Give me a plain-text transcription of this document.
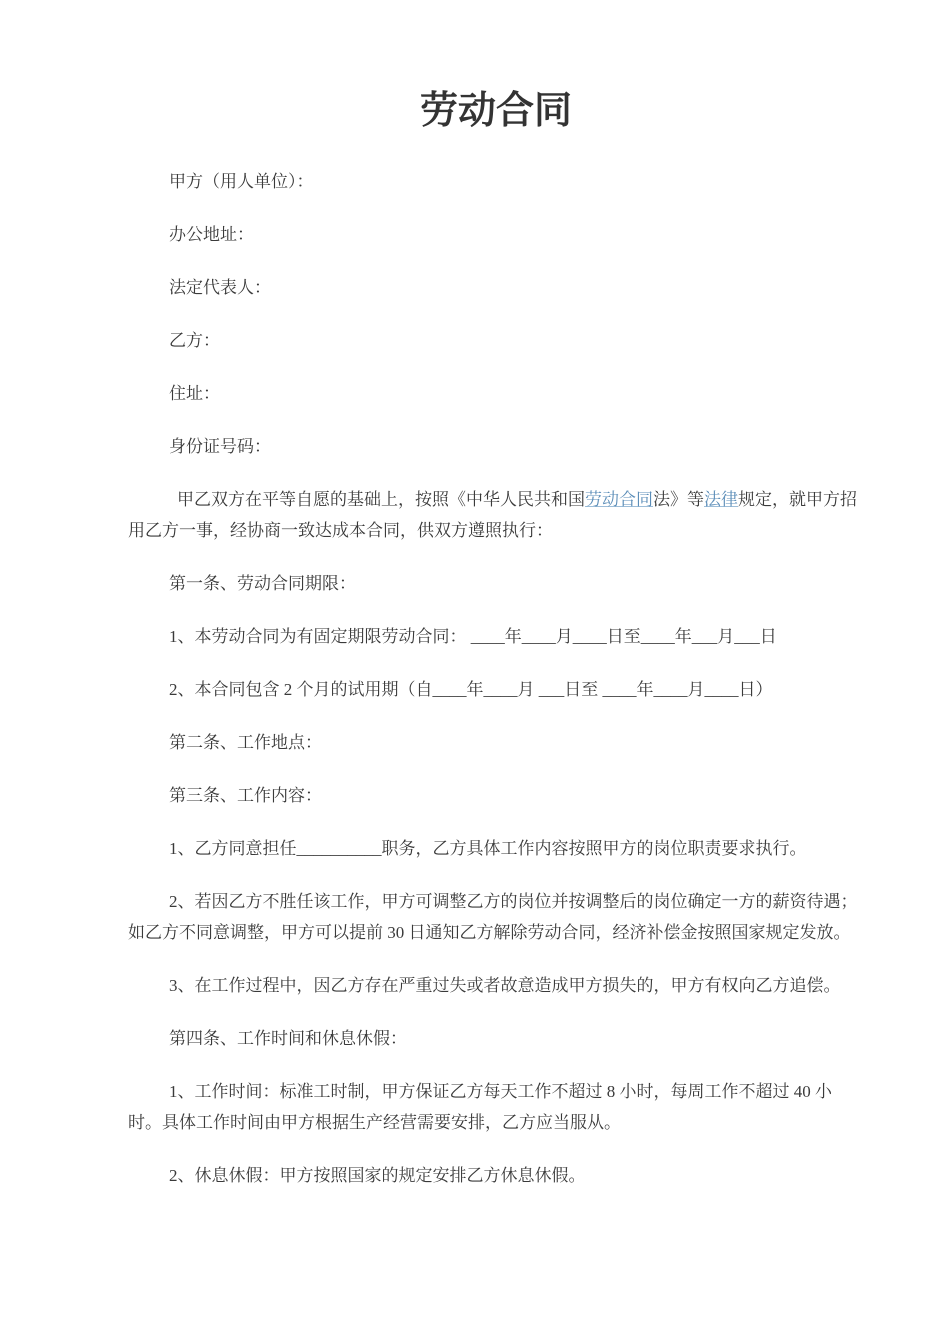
劳动合同

甲方（用人单位）：

办公地址：

法定代表人：

乙方：

住址：

身份证号码：

甲乙双方在平等自愿的基础上，按照《中华人民共和国劳动合同法》等法律规定，就甲方招用乙方一事，经协商一致达成本合同，供双方遵照执行：

第一条、劳动合同期限：

1、本劳动合同为有固定期限劳动合同： ____年____月____日至____年___月___日

2、本合同包含 2 个月的试用期（自____年____月 ___日至 ____年____月____日）

第二条、工作地点：

第三条、工作内容：

1、乙方同意担任__________职务，乙方具体工作内容按照甲方的岗位职责要求执行。

2、若因乙方不胜任该工作，甲方可调整乙方的岗位并按调整后的岗位确定一方的薪资待遇；如乙方不同意调整，甲方可以提前 30 日通知乙方解除劳动合同，经济补偿金按照国家规定发放。

3、在工作过程中，因乙方存在严重过失或者故意造成甲方损失的，甲方有权向乙方追偿。

第四条、工作时间和休息休假：

1、工作时间：标准工时制，甲方保证乙方每天工作不超过 8 小时，每周工作不超过 40 小时。具体工作时间由甲方根据生产经营需要安排，乙方应当服从。

2、休息休假：甲方按照国家的规定安排乙方休息休假。
